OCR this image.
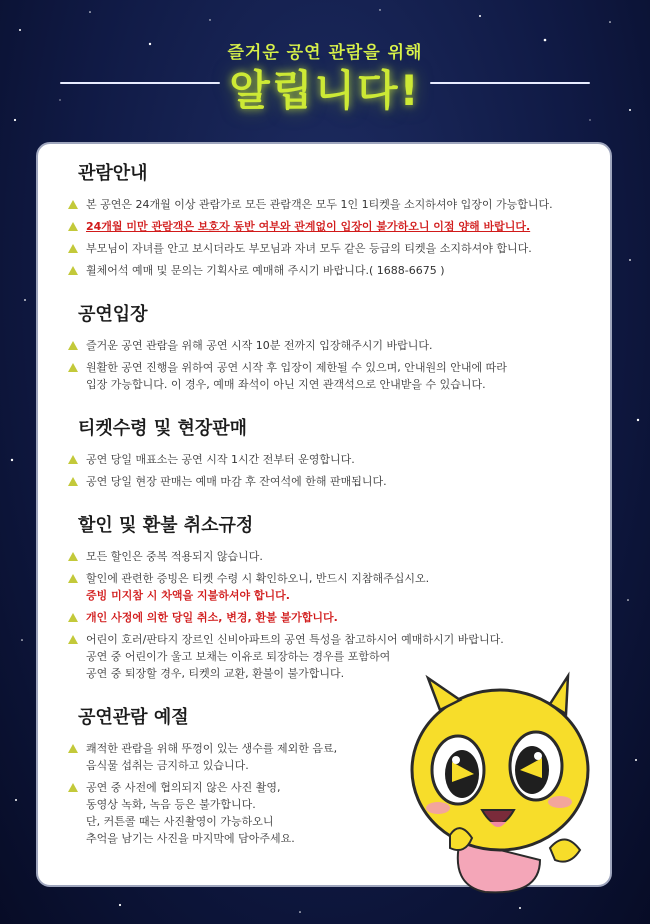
즐거운 공연 관람을 위해
알립니다!
관람안내
본 공연은 24개월 이상 관람가로 모든 관람객은 모두 1인 1티켓을 소지하셔야 입장이 가능합니다.
24개월 미만 관람객은 보호자 동반 여부와 관계없이 입장이 불가하오니 이점 양해 바랍니다.
부모님이 자녀를 안고 보시더라도 부모님과 자녀 모두 같은 등급의 티켓을 소지하셔야 합니다.
휠체어석 예매 및 문의는 기획사로 예매해 주시기 바랍니다.( 1688-6675 )
공연입장
즐거운 공연 관람을 위해 공연 시작 10분 전까지 입장해주시기 바랍니다.
원활한 공연 진행을 위하여 공연 시작 후 입장이 제한될 수 있으며, 안내원의 안내에 따라
입장 가능합니다. 이 경우, 예매 좌석이 아닌 지연 관객석으로 안내받을 수 있습니다.
티켓수령 및 현장판매
공연 당일 매표소는 공연 시작 1시간 전부터 운영합니다.
공연 당일 현장 판매는 예매 마감 후 잔여석에 한해 판매됩니다.
할인 및 환불 취소규정
모든 할인은 중복 적용되지 않습니다.
할인에 관련한 증빙은 티켓 수령 시 확인하오니, 반드시 지참해주십시오.
증빙 미지참 시 차액을 지불하셔야 합니다.
개인 사정에 의한 당일 취소, 변경, 환불 불가합니다.
어린이 호러/판타지 장르인 신비아파트의 공연 특성을 참고하시어 예매하시기 바랍니다.
공연 중 어린이가 울고 보채는 이유로 퇴장하는 경우를 포함하여
공연 중 퇴장할 경우, 티켓의 교환, 환불이 불가합니다.
공연관람 예절
쾌적한 관람을 위해 뚜껑이 있는 생수를 제외한 음료,
음식물 섭취는 금지하고 있습니다.
공연 중 사전에 협의되지 않은 사진 촬영,
동영상 녹화, 녹음 등은 불가합니다.
단, 커튼콜 때는 사진촬영이 가능하오니
추억을 남기는 사진을 마지막에 담아주세요.
